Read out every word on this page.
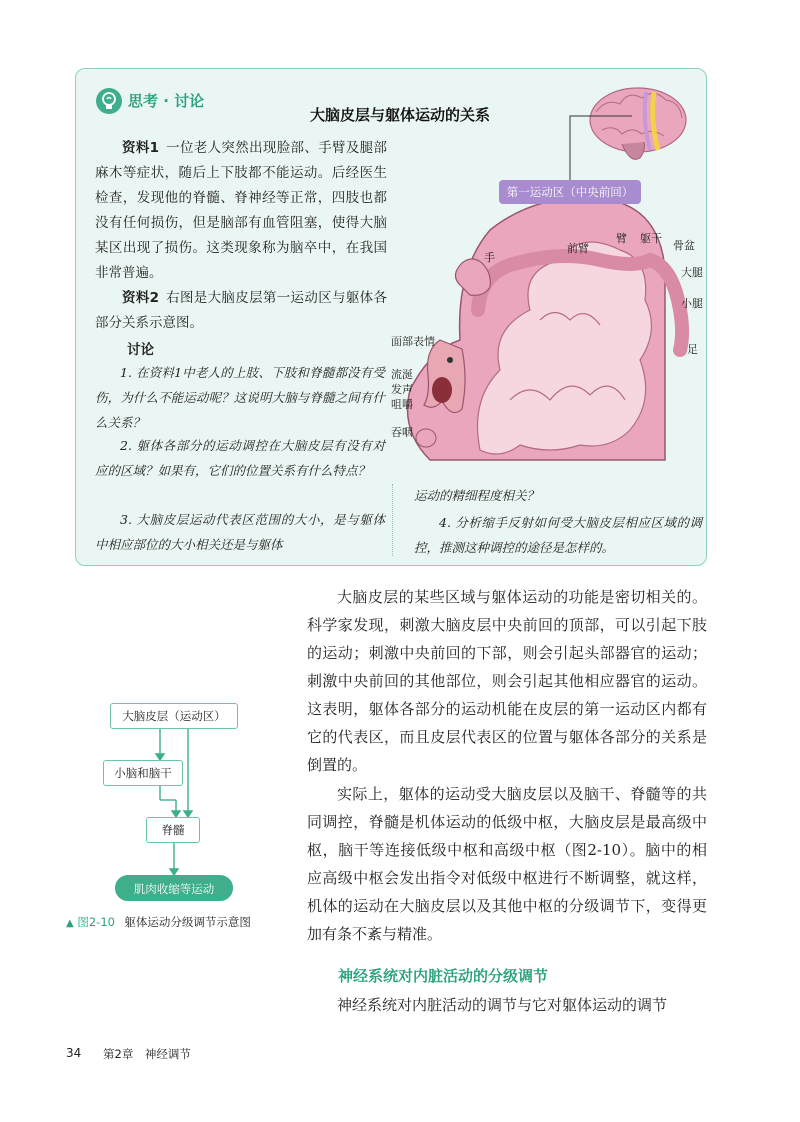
思考 · 讨论
大脑皮层与躯体运动的关系

资料1  一位老人突然出现脸部、手臂及腿部麻木等症状，随后上下肢都不能运动。后经医生检查，发现他的脊髓、脊神经等正常，四肢也都没有任何损伤，但是脑部有血管阻塞，使得大脑某区出现了损伤。这类现象称为脑卒中，在我国非常普遍。

资料2  右图是大脑皮层第一运动区与躯体各部分关系示意图。

讨论

1. 在资料1中老人的上肢、下肢和脊髓都没有受伤，为什么不能运动呢？这说明大脑与脊髓之间有什么关系？

2. 躯体各部分的运动调控在大脑皮层有没有对应的区域？如果有，它们的位置关系有什么特点？

3. 大脑皮层运动代表区范围的大小，是与躯体中相应部位的大小相关还是与躯体

运动的精细程度相关？

4. 分析缩手反射如何受大脑皮层相应区域的调控，推测这种调控的途径是怎样的。

第一运动区（中央前回）
手
前臂
臂 躯干
骨盆
大腿
小腿
足
面部表情
流涎
发声
咀嚼
吞咽

大脑皮层的某些区域与躯体运动的功能是密切相关的。科学家发现，刺激大脑皮层中央前回的顶部，可以引起下肢的运动；刺激中央前回的下部，则会引起头部器官的运动；刺激中央前回的其他部位，则会引起其他相应器官的运动。这表明，躯体各部分的运动机能在皮层的第一运动区内都有它的代表区，而且皮层代表区的位置与躯体各部分的关系是倒置的。

实际上，躯体的运动受大脑皮层以及脑干、脊髓等的共同调控，脊髓是机体运动的低级中枢，大脑皮层是最高级中枢，脑干等连接低级中枢和高级中枢（图2-10）。脑中的相应高级中枢会发出指令对低级中枢进行不断调整，就这样，机体的运动在大脑皮层以及其他中枢的分级调节下，变得更加有条不紊与精准。

神经系统对内脏活动的分级调节

神经系统对内脏活动的调节与它对躯体运动的调节

大脑皮层（运动区）
小脑和脑干
脊髓
肌肉收缩等运动
▲ 图2-10  躯体运动分级调节示意图
34 第2章　神经调节
